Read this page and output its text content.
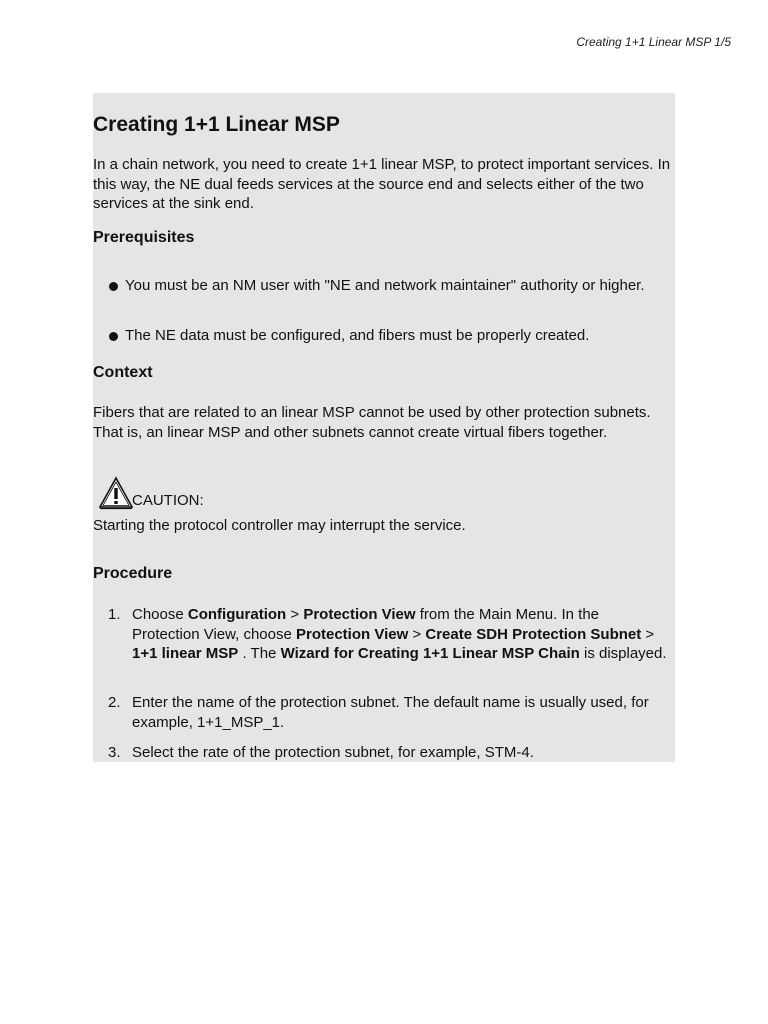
Creating 1+1 Linear MSP 1/5
Creating 1+1 Linear MSP

In a chain network, you need to create 1+1 linear MSP, to protect important services. In this way, the NE dual feeds services at the source end and selects either of the two services at the sink end.

Prerequisites
You must be an NM user with "NE and network maintainer" authority or higher.
The NE data must be configured, and fibers must be properly created.
Context

Fibers that are related to an linear MSP cannot be used by other protection subnets. That is, an linear MSP and other subnets cannot create virtual fibers together.

CAUTION:

Starting the protocol controller may interrupt the service.

Procedure
1. Choose Configuration > Protection View from the Main Menu. In the Protection View, choose Protection View > Create SDH Protection Subnet > 1+1 linear MSP . The Wizard for Creating 1+1 Linear MSP Chain is displayed.
2. Enter the name of the protection subnet. The default name is usually used, for example, 1+1_MSP_1.
3. Select the rate of the protection subnet, for example, STM-4.
